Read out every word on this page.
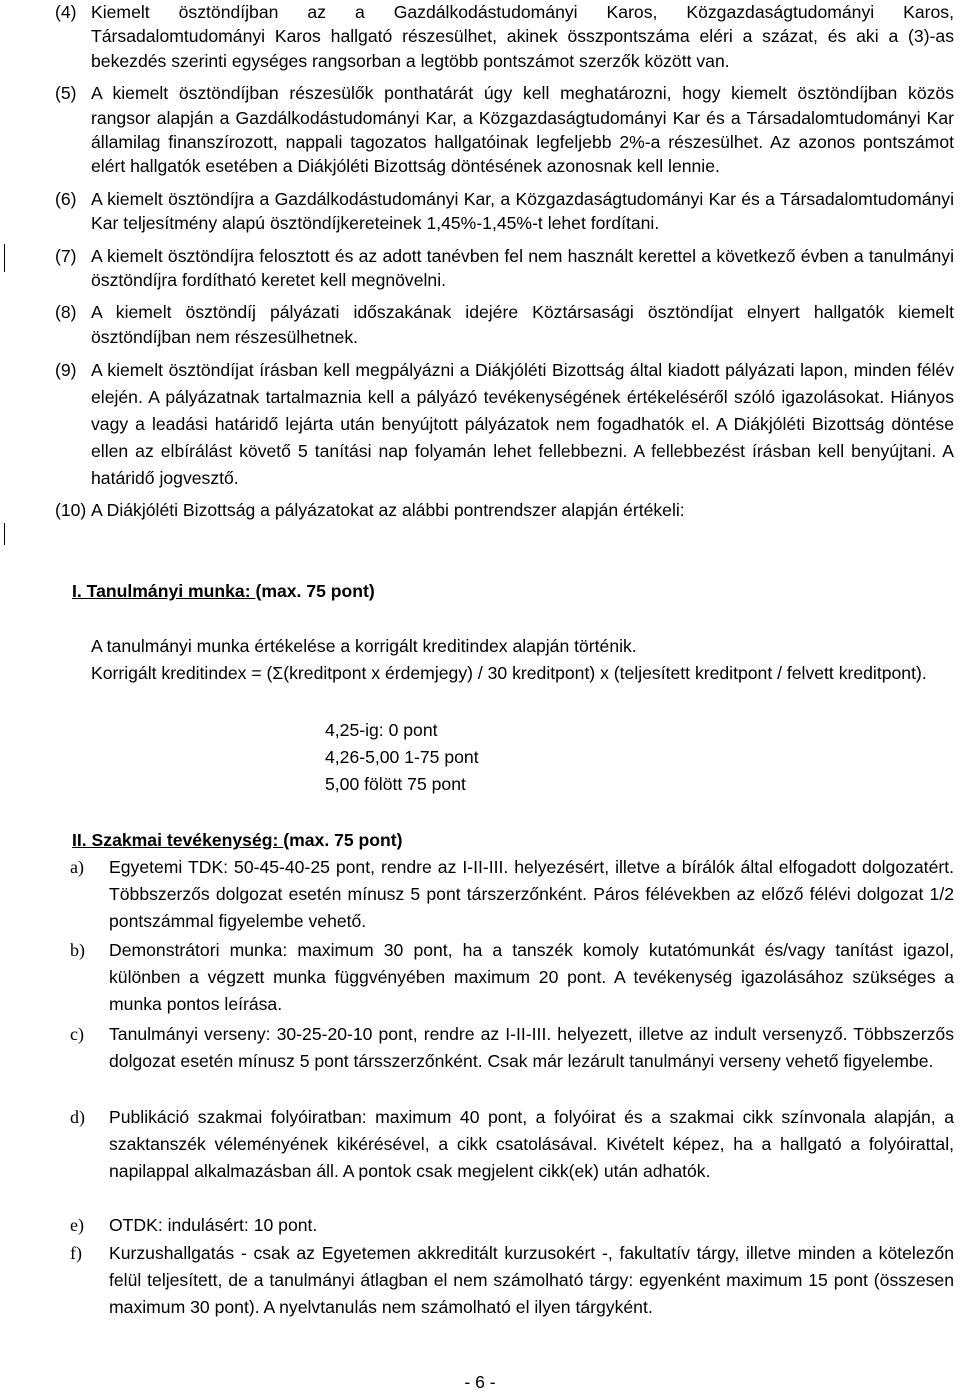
(4) Kiemelt ösztöndíjban az a Gazdálkodástudományi Karos, Közgazdaságtudományi Karos, Társadalomtudományi Karos hallgató részesülhet, akinek összpontszáma eléri a százat, és aki a (3)-as bekezdés szerinti egységes rangsorban a legtöbb pontszámot szerzők között van.
(5) A kiemelt ösztöndíjban részesülők ponthatárát úgy kell meghatározni, hogy kiemelt ösztöndíjban közös rangsor alapján a Gazdálkodástudományi Kar, a Közgazdaságtudományi Kar és a Társadalomtudományi Kar államilag finanszírozott, nappali tagozatos hallgatóinak legfeljebb 2%-a részesülhet. Az azonos pontszámot elért hallgatók esetében a Diákjóléti Bizottság döntésének azonosnak kell lennie.
(6) A kiemelt ösztöndíjra a Gazdálkodástudományi Kar, a Közgazdaságtudományi Kar és a Társadalomtudományi Kar teljesítmény alapú ösztöndíjkereteinek 1,45%-1,45%-t lehet fordítani.
(7) A kiemelt ösztöndíjra felosztott és az adott tanévben fel nem használt kerettel a következő évben a tanulmányi ösztöndíjra fordítható keretet kell megnövelni.
(8) A kiemelt ösztöndíj pályázati időszakának idejére Köztársasági ösztöndíjat elnyert hallgatók kiemelt ösztöndíjban nem részesülhetnek.
(9) A kiemelt ösztöndíjat írásban kell megpályázni a Diákjóléti Bizottság által kiadott pályázati lapon, minden félév elején. A pályázatnak tartalmaznia kell a pályázó tevékenységének értékeléséről szóló igazolásokat. Hiányos vagy a leadási határidő lejárta után benyújtott pályázatok nem fogadhatók el. A Diákjóléti Bizottság döntése ellen az elbírálást követő 5 tanítási nap folyamán lehet fellebbezni. A fellebbezést írásban kell benyújtani. A határidő jogvesztő.
(10) A Diákjóléti Bizottság a pályázatokat az alábbi pontrendszer alapján értékeli:
I. Tanulmányi munka: (max. 75 pont)
A tanulmányi munka értékelése a korrigált kreditindex alapján történik.
Korrigált kreditindex = (Σ(kreditpont x érdemjegy) / 30 kreditpont) x (teljesített kreditpont / felvett kreditpont).
4,25-ig: 0 pont
4,26-5,00 1-75 pont
5,00 fölött 75 pont
II. Szakmai tevékenység: (max. 75 pont)
a) Egyetemi TDK: 50-45-40-25 pont, rendre az I-II-III. helyezésért, illetve a bírálók által elfogadott dolgozatért. Többszerzős dolgozat esetén mínusz 5 pont társzerzőnként. Páros félévekben az előző félévi dolgozat 1/2 pontszámmal figyelembe vehető.
b) Demonstrátori munka: maximum 30 pont, ha a tanszék komoly kutatómunkát és/vagy tanítást igazol, különben a végzett munka függvényében maximum 20 pont. A tevékenység igazolásához szükséges a munka pontos leírása.
c) Tanulmányi verseny: 30-25-20-10 pont, rendre az I-II-III. helyezett, illetve az indult versenyző. Többszerzős dolgozat esetén mínusz 5 pont társszerzőnként. Csak már lezárult tanulmányi verseny vehető figyelembe.
d) Publikáció szakmai folyóiratban: maximum 40 pont, a folyóirat és a szakmai cikk színvonala alapján, a szaktanszék véleményének kikérésével, a cikk csatolásával. Kivételt képez, ha a hallgató a folyóirattal, napilappal alkalmazásban áll. A pontok csak megjelent cikk(ek) után adhatók.
e) OTDK: indulásért: 10 pont.
f) Kurzushallgatás - csak az Egyetemen akkreditált kurzusokért -, fakultatív tárgy, illetve minden a kötelezőn felül teljesített, de a tanulmányi átlagban el nem számolható tárgy: egyenként maximum 15 pont (összesen maximum 30 pont). A nyelvtanulás nem számolható el ilyen tárgyként.
- 6 -
